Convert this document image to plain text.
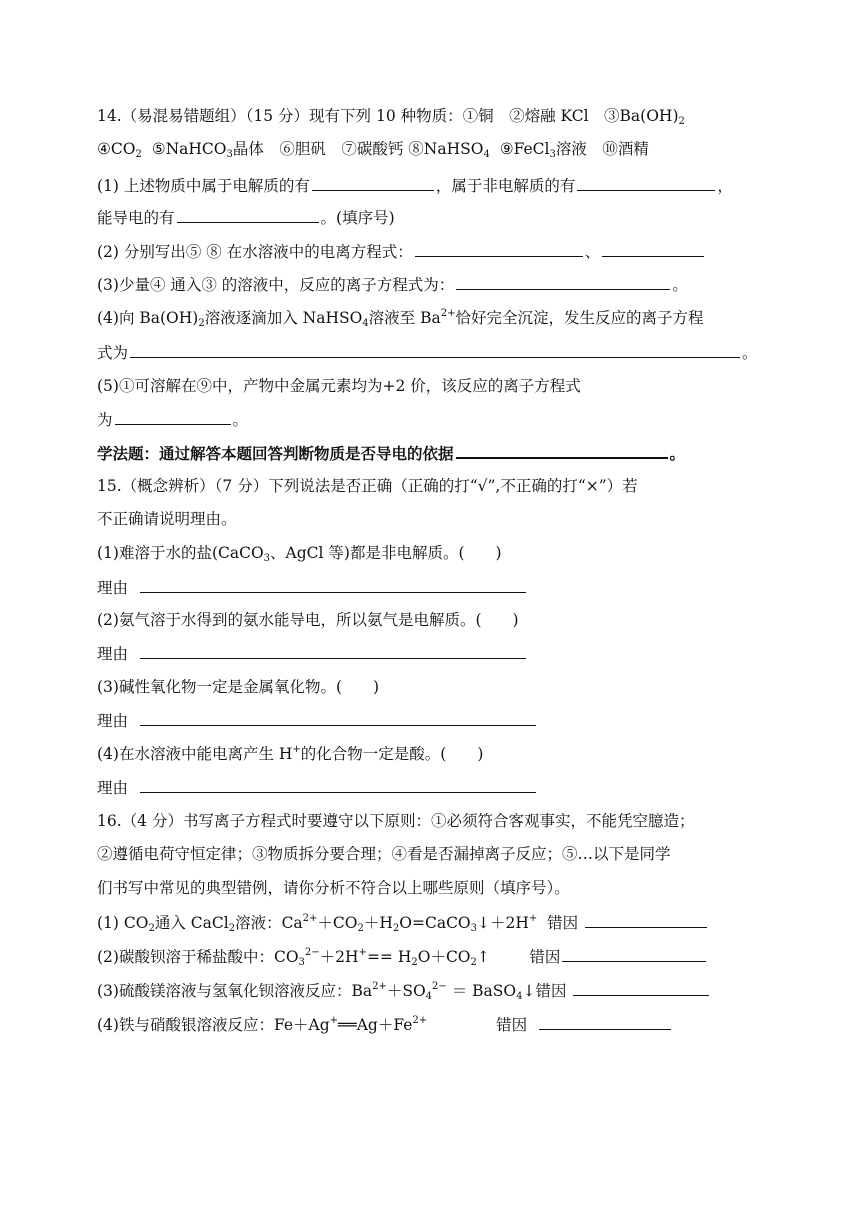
14.（易混易错题组）（15 分）现有下列 10 种物质：①铜　②熔融 KCl　$③Ba(OH)_2$
$④CO_2$ ⑤NaHCO$_3$晶体　⑥胆矾　⑦碳酸钙 ⑧NaHSO$_4$ ⑨FeCl$_3$溶液　⑩酒精
(1) 上述物质中属于电解质的有	，属于非电解质的有	，
能导电的有	。(填序号)
(2) 分别写出⑤ ⑧ 在水溶液中的电离方程式：	、
(3)少量④ 通入③ 的溶液中，反应的离子方程式为：	。
(4)向 $Ba(OH)_2$溶液逐滴加入 NaHSO$_4$溶液至 $Ba^{2+}$恰好完全沉淀，发生反应的离子方程
式为	。
(5)①可溶解在⑨中，产物中金属元素均为+2 价，该反应的离子方程式
为	。
学法题：通过解答本题回答判断物质是否导电的依据	。
15.（概念辨析）（7 分）下列说法是否正确（正确的打“√”,不正确的打“×”）若
不正确请说明理由。
(1)难溶于水的盐(CaCO$_3$、AgCl 等)都是非电解质。(　　)
理由
(2)氨气溶于水得到的氨水能导电，所以氨气是电解质。(　　)
理由
(3)碱性氧化物一定是金属氧化物。(　　)
理由
(4)在水溶液中能电离产生 H+的化合物一定是酸。(　　)
理由
16.（4 分）书写离子方程式时要遵守以下原则：①必须符合客观事实，不能凭空臆造；
②遵循电荷守恒定律；③物质拆分要合理；④看是否漏掉离子反应；⑤…以下是同学
们书写中常见的典型错例，请你分析不符合以上哪些原则（填序号）。
(1) $CO_2$通入 CaCl$_2$溶液：$Ca^{2+}+CO_2+H_2O=CaCO_3↓+2H^+$ 错因
(2)碳酸钡溶于稀盐酸中：$CO_3^{2-}+2H^+==$ $H_2O+CO_2↑$	错因
(3)硫酸镁溶液与氢氧化钡溶液反应：$Ba^{2+}+SO_4^{2-}$ ＝ BaSO$_4$↓错因
(4)铁与硝酸银溶液反应：$Fe+Ag^+══Ag+Fe^{2+}$	错因
